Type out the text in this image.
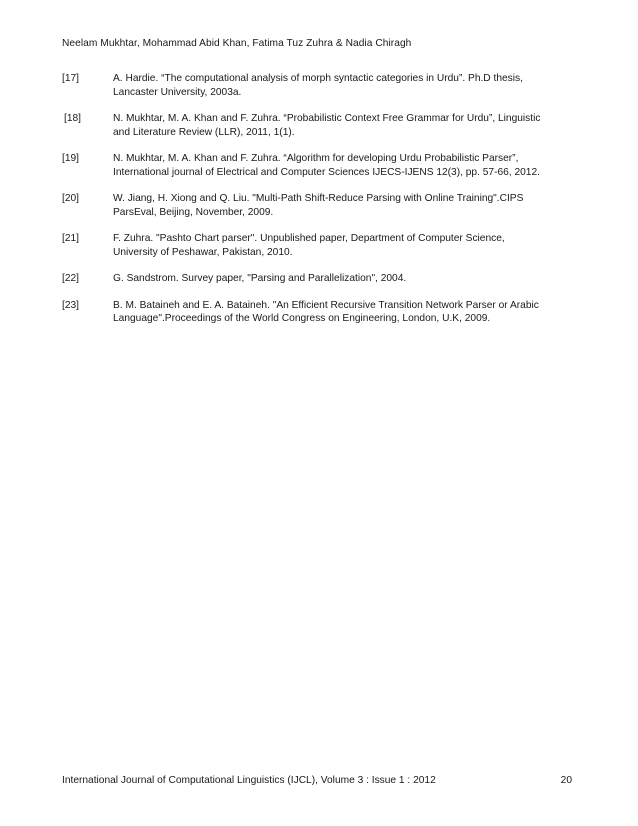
Neelam Mukhtar, Mohammad Abid Khan, Fatima Tuz Zuhra & Nadia Chiragh
[17]	A. Hardie. “The computational analysis of morph syntactic categories in Urdu”. Ph.D thesis,
Lancaster University, 2003a.
[18]	N. Mukhtar, M. A. Khan and F. Zuhra. “Probabilistic Context Free Grammar for Urdu”, Linguistic
and Literature Review (LLR), 2011, 1(1).
[19]	N. Mukhtar, M. A. Khan and F. Zuhra. “Algorithm for developing Urdu Probabilistic Parser”,
International journal of Electrical and Computer Sciences IJECS-IJENS 12(3), pp. 57-66, 2012.
[20]	W. Jiang, H. Xiong and Q. Liu. "Multi-Path Shift-Reduce Parsing with Online Training".CIPS
ParsEval, Beijing, November, 2009.
[21]	F. Zuhra. "Pashto Chart parser". Unpublished paper, Department of Computer Science,
University of Peshawar, Pakistan, 2010.
[22]	G. Sandstrom. Survey paper, "Parsing and Parallelization", 2004.
[23]	B. M. Bataineh and E. A. Bataineh. "An Efficient Recursive Transition Network Parser or Arabic
Language".Proceedings of the World Congress on Engineering, London, U.K, 2009.
International Journal of Computational Linguistics (IJCL), Volume 3 : Issue 1 : 2012	20
